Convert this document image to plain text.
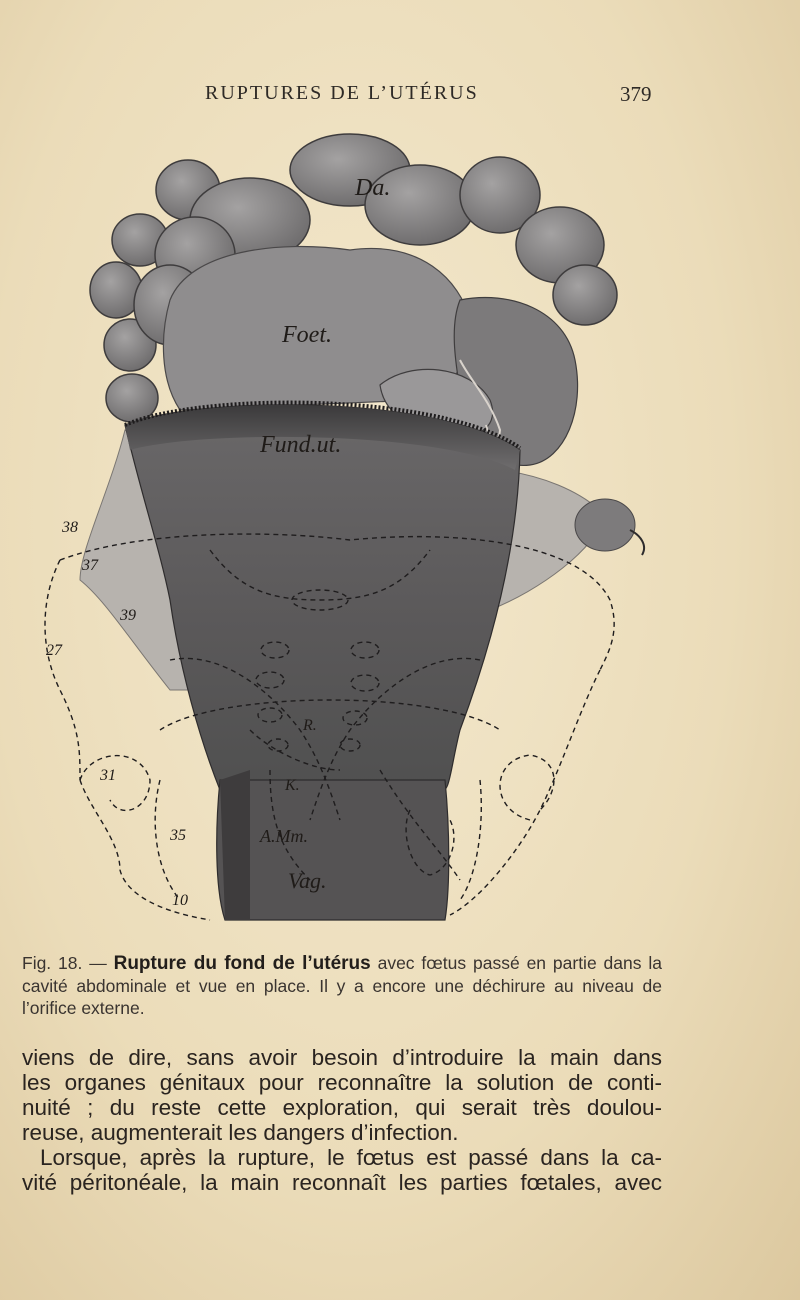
RUPTURES DE L’UTÉRUS	379
Da.
Foet.
Fund.ut.
R.
K.
A.Mm.
Vag.
38
37
39
27
31
35
10
Fig. 18. — Rupture du fond de l’utérus avec fœtus passé en partie dans la cavité abdominale et vue en place. Il y a encore une déchirure au niveau de l’orifice externe.
viens de dire, sans avoir besoin d’introduire la main dans
les organes génitaux pour reconnaître la solution de conti-
nuité ; du reste cette exploration, qui serait très doulou-
reuse, augmenterait les dangers d’infection.
Lorsque, après la rupture, le fœtus est passé dans la ca-
vité péritonéale, la main reconnaît les parties fœtales, avec
